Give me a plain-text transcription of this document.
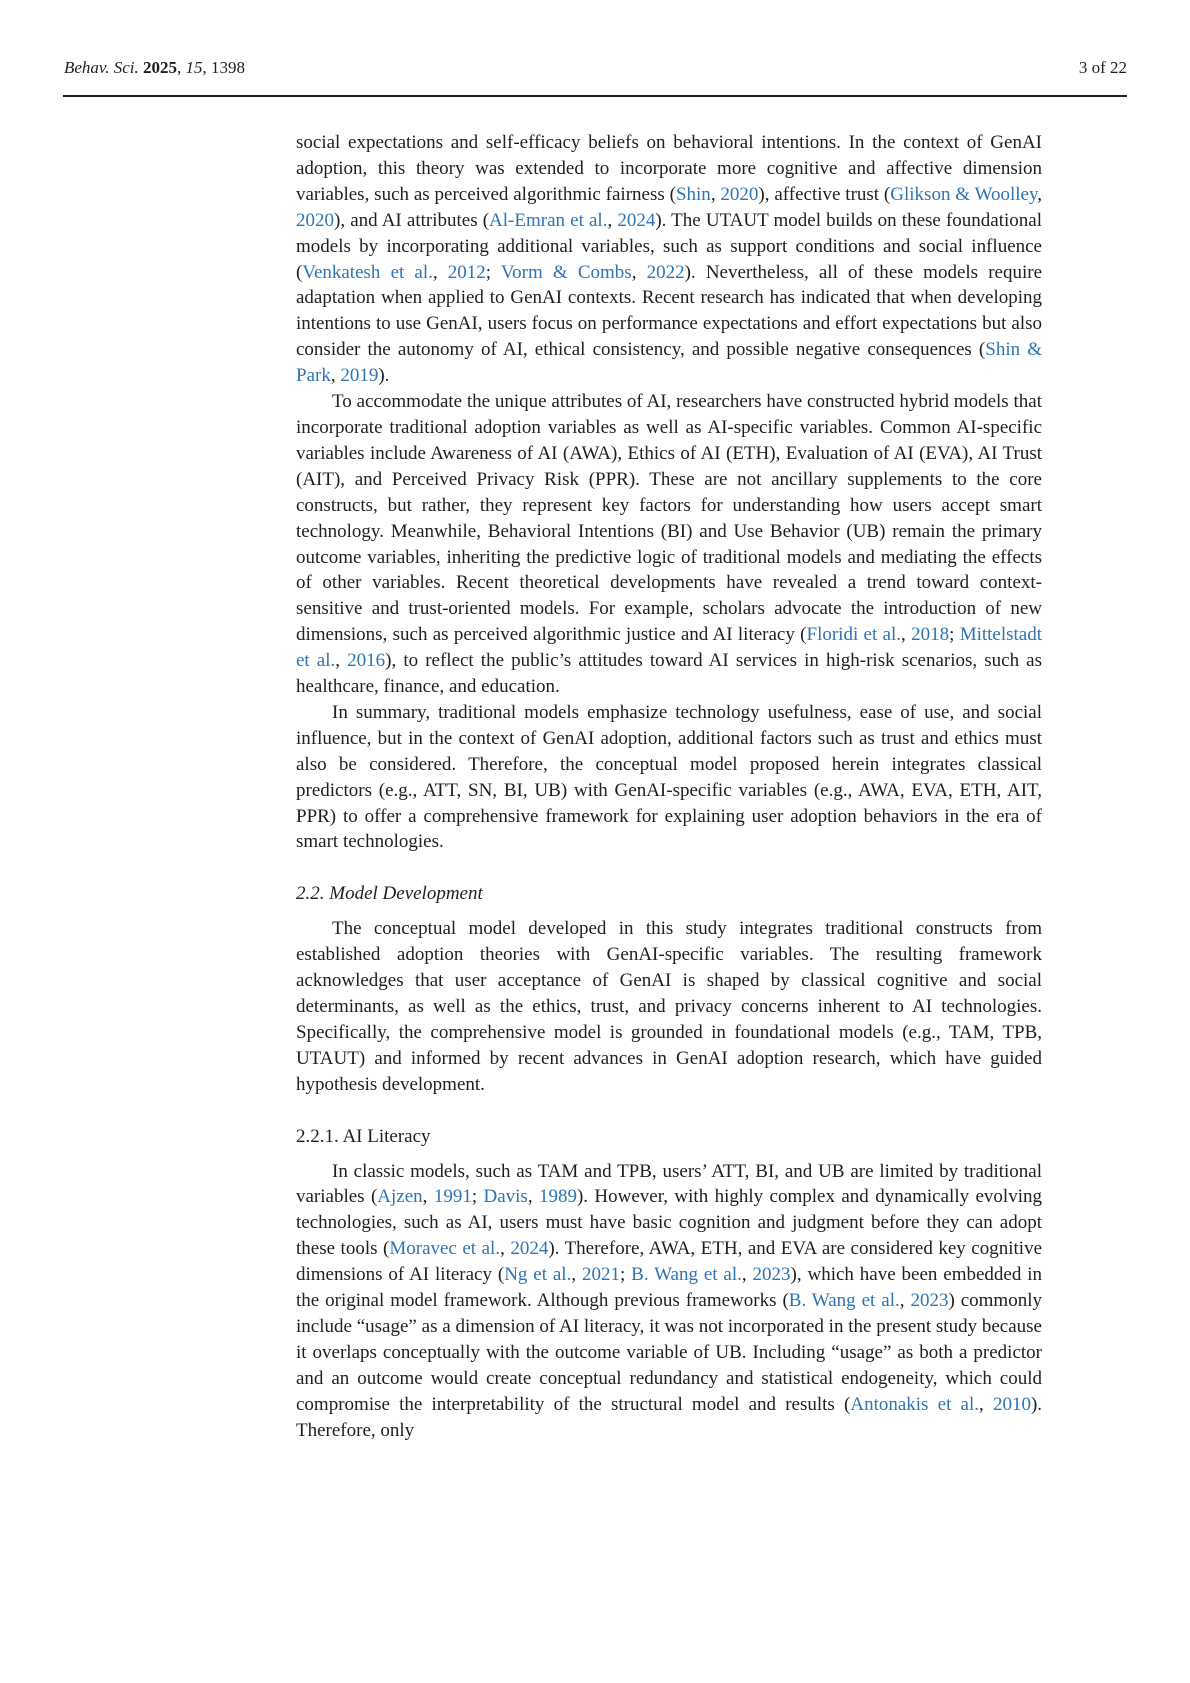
Behav. Sci. 2025, 15, 1398	3 of 22

social expectations and self-efficacy beliefs on behavioral intentions. In the context of GenAI adoption, this theory was extended to incorporate more cognitive and affective dimension variables, such as perceived algorithmic fairness (Shin, 2020), affective trust (Glikson & Woolley, 2020), and AI attributes (Al-Emran et al., 2024). The UTAUT model builds on these foundational models by incorporating additional variables, such as support conditions and social influence (Venkatesh et al., 2012; Vorm & Combs, 2022). Nevertheless, all of these models require adaptation when applied to GenAI contexts. Recent research has indicated that when developing intentions to use GenAI, users focus on performance expectations and effort expectations but also consider the autonomy of AI, ethical consistency, and possible negative consequences (Shin & Park, 2019).

To accommodate the unique attributes of AI, researchers have constructed hybrid models that incorporate traditional adoption variables as well as AI-specific variables. Common AI-specific variables include Awareness of AI (AWA), Ethics of AI (ETH), Evaluation of AI (EVA), AI Trust (AIT), and Perceived Privacy Risk (PPR). These are not ancillary supplements to the core constructs, but rather, they represent key factors for understanding how users accept smart technology. Meanwhile, Behavioral Intentions (BI) and Use Behavior (UB) remain the primary outcome variables, inheriting the predictive logic of traditional models and mediating the effects of other variables. Recent theoretical developments have revealed a trend toward context-sensitive and trust-oriented models. For example, scholars advocate the introduction of new dimensions, such as perceived algorithmic justice and AI literacy (Floridi et al., 2018; Mittelstadt et al., 2016), to reflect the public’s attitudes toward AI services in high-risk scenarios, such as healthcare, finance, and education.

In summary, traditional models emphasize technology usefulness, ease of use, and social influence, but in the context of GenAI adoption, additional factors such as trust and ethics must also be considered. Therefore, the conceptual model proposed herein integrates classical predictors (e.g., ATT, SN, BI, UB) with GenAI-specific variables (e.g., AWA, EVA, ETH, AIT, PPR) to offer a comprehensive framework for explaining user adoption behaviors in the era of smart technologies.

2.2. Model Development

The conceptual model developed in this study integrates traditional constructs from established adoption theories with GenAI-specific variables. The resulting framework acknowledges that user acceptance of GenAI is shaped by classical cognitive and social determinants, as well as the ethics, trust, and privacy concerns inherent to AI technologies. Specifically, the comprehensive model is grounded in foundational models (e.g., TAM, TPB, UTAUT) and informed by recent advances in GenAI adoption research, which have guided hypothesis development.

2.2.1. AI Literacy

In classic models, such as TAM and TPB, users’ ATT, BI, and UB are limited by traditional variables (Ajzen, 1991; Davis, 1989). However, with highly complex and dynamically evolving technologies, such as AI, users must have basic cognition and judgment before they can adopt these tools (Moravec et al., 2024). Therefore, AWA, ETH, and EVA are considered key cognitive dimensions of AI literacy (Ng et al., 2021; B. Wang et al., 2023), which have been embedded in the original model framework. Although previous frameworks (B. Wang et al., 2023) commonly include “usage” as a dimension of AI literacy, it was not incorporated in the present study because it overlaps conceptually with the outcome variable of UB. Including “usage” as both a predictor and an outcome would create conceptual redundancy and statistical endogeneity, which could compromise the interpretability of the structural model and results (Antonakis et al., 2010). Therefore, only
